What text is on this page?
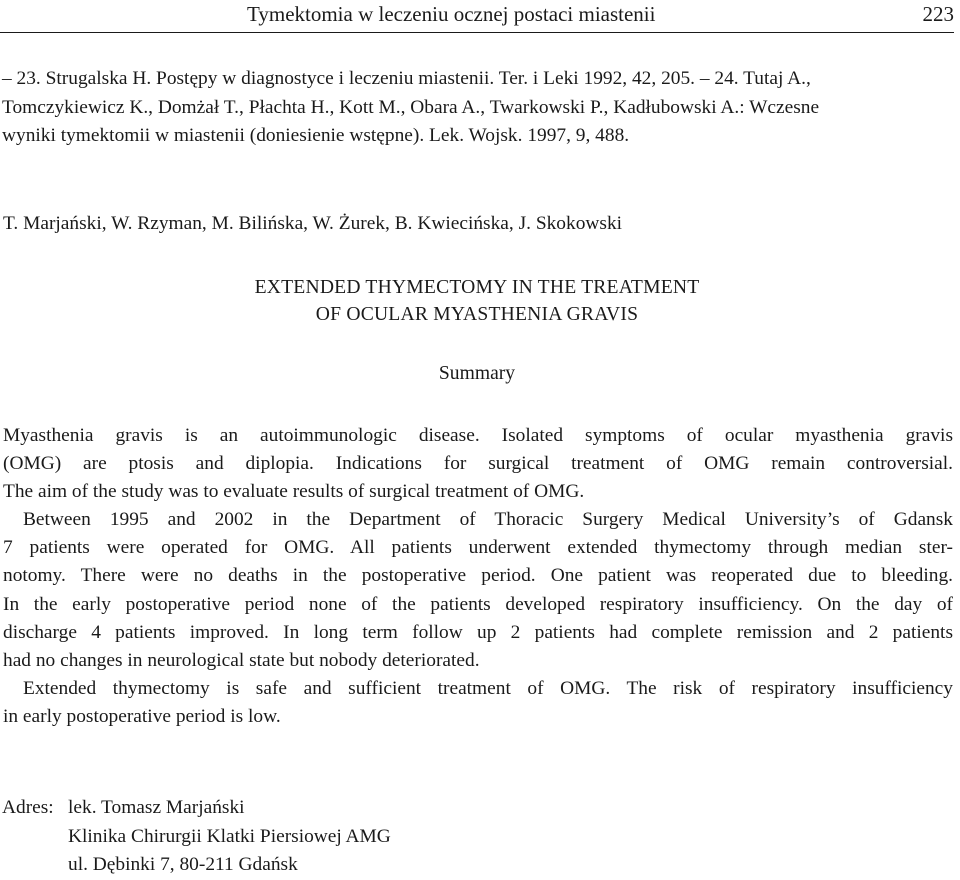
Tymektomia w leczeniu ocznej postaci miastenii	223
– 23. Strugalska H. Postępy w diagnostyce i leczeniu miastenii. Ter. i Leki 1992, 42, 205. – 24. Tutaj A.,
Tomczykiewicz K., Domżał T., Płachta H., Kott M., Obara A., Twarkowski P., Kadłubowski A.: Wczesne
wyniki tymektomii w miastenii (doniesienie wstępne). Lek. Wojsk. 1997, 9, 488.
T. Marjański, W. Rzyman, M. Bilińska, W. Żurek, B. Kwiecińska, J. Skokowski
EXTENDED THYMECTOMY IN THE TREATMENT
OF OCULAR MYASTHENIA GRAVIS
Summary
Myasthenia gravis is an autoimmunologic disease. Isolated symptoms of ocular myasthenia gravis
(OMG) are ptosis and diplopia. Indications for surgical treatment of OMG remain controversial.
The aim of the study was to evaluate results of surgical treatment of OMG.
Between 1995 and 2002 in the Department of Thoracic Surgery Medical University’s of Gdansk
7 patients were operated for OMG. All patients underwent extended thymectomy through median ster-
notomy. There were no deaths in the postoperative period. One patient was reoperated due to bleeding.
In the early postoperative period none of the patients developed respiratory insufficiency. On the day of
discharge 4 patients improved. In long term follow up 2 patients had complete remission and 2 patients
had no changes in neurological state but nobody deteriorated.
Extended thymectomy is safe and sufficient treatment of OMG. The risk of respiratory insufficiency
in early postoperative period is low.
Adres: lek. Tomasz Marjański
Klinika Chirurgii Klatki Piersiowej AMG
ul. Dębinki 7, 80-211 Gdańsk
